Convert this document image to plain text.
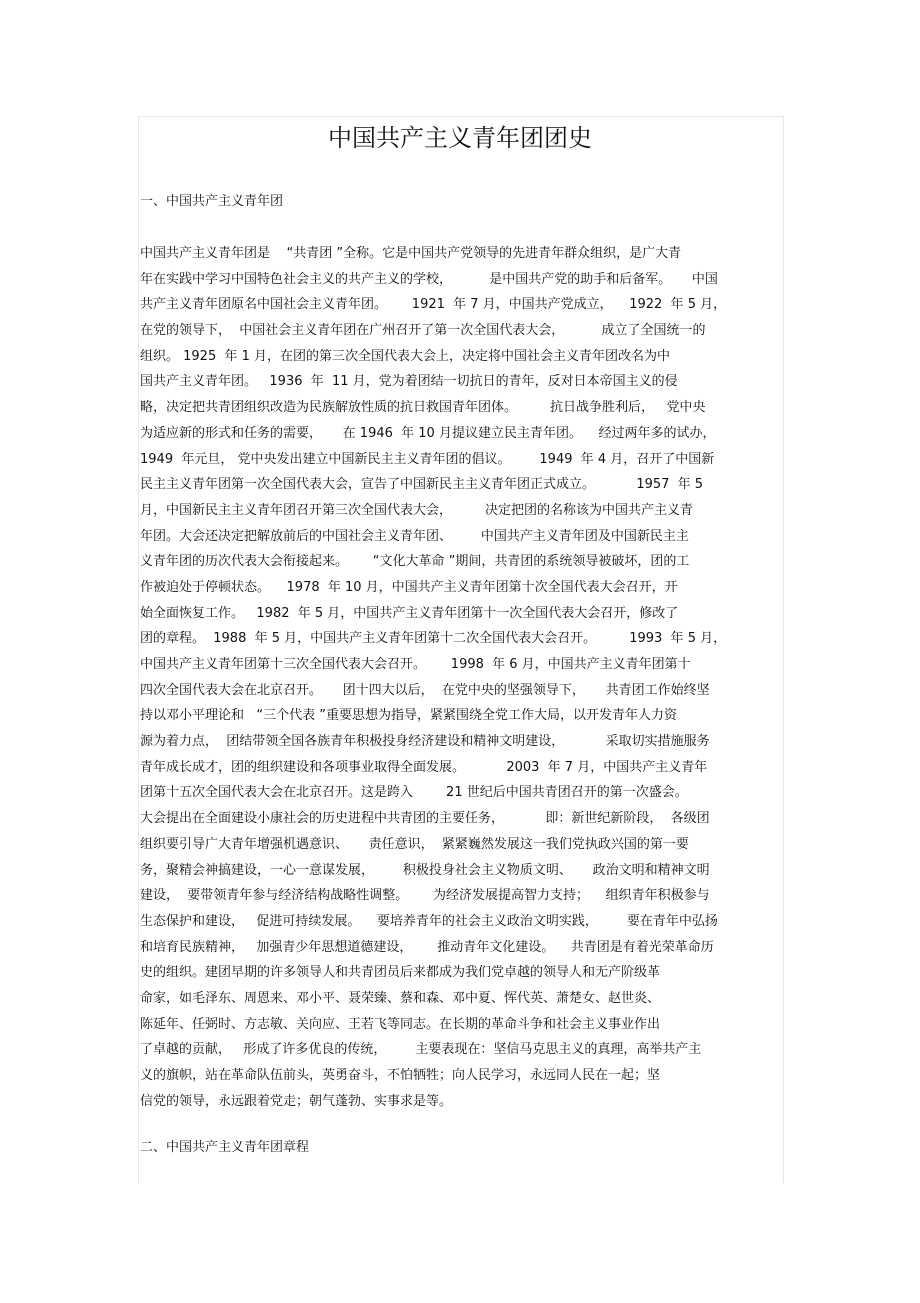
中国共产主义青年团团史
一、中国共产主义青年团
中国共产主义青年团是    “共青团 ”全称。它是中国共产党领导的先进青年群众组织，是广大青
年在实践中学习中国特色社会主义的共产主义的学校，         是中国共产党的助手和后备军。     中国
共产主义青年团原名中国社会主义青年团。      1921  年 7 月，中国共产党成立，    1922  年 5 月，
在党的领导下，  中国社会主义青年团在广州召开了第一次全国代表大会，         成立了全国统一的
组织。 1925  年 1 月，在团的第三次全国代表大会上，决定将中国社会主义青年团改名为中
国共产主义青年团。   1936  年  11 月，党为着团结一切抗日的青年，反对日本帝国主义的侵
略，决定把共青团组织改造为民族解放性质的抗日救国青年团体。        抗日战争胜利后，   党中央
为适应新的形式和任务的需要，     在 1946  年 10 月提议建立民主青年团。    经过两年多的试办，
1949  年元旦， 党中央发出建立中国新民主主义青年团的倡议。       1949  年 4 月，召开了中国新
民主主义青年团第一次全国代表大会，宣告了中国新民主主义青年团正式成立。          1957  年 5
月，中国新民主主义青年团召开第三次全国代表大会，        决定把团的名称该为中国共产主义青
年团。大会还决定把解放前后的中国社会主义青年团、       中国共产主义青年团及中国新民主主
义青年团的历次代表大会衔接起来。      “文化大革命 ”期间，共青团的系统领导被破坏，团的工
作被迫处于停顿状态。    1978  年 10 月，中国共产主义青年团第十次全国代表大会召开，开
始全面恢复工作。   1982  年 5 月，中国共产主义青年团第十一次全国代表大会召开，修改了
团的章程。  1988  年 5 月，中国共产主义青年团第十二次全国代表大会召开。        1993  年 5 月，
中国共产主义青年团第十三次全国代表大会召开。      1998  年 6 月，中国共产主义青年团第十
四次全国代表大会在北京召开。     团十四大以后，  在党中央的坚强领导下，     共青团工作始终坚
持以邓小平理论和   “三个代表 ”重要思想为指导，紧紧围绕全党工作大局，以开发青年人力资
源为着力点，  团结带领全国各族青年积极投身经济建设和精神文明建设，          采取切实措施服务
青年成长成才，团的组织建设和各项事业取得全面发展。          2003  年 7 月，中国共产主义青年
团第十五次全国代表大会在北京召开。这是跨入        21 世纪后中国共青团召开的第一次盛会。
大会提出在全面建设小康社会的历史进程中共青团的主要任务，          即：新世纪新阶段，  各级团
组织要引导广大青年增强机遇意识、     责任意识，  紧紧巍然发展这一我们党执政兴国的第一要
务，聚精会神搞建设，一心一意谋发展，       积极投身社会主义物质文明、     政治文明和精神文明
建设，  要带领青年参与经济结构战略性调整。      为经济发展提高智力支持；    组织青年积极参与
生态保护和建设，   促进可持续发展。    要培养青年的社会主义政治文明实践，       要在青年中弘扬
和培育民族精神，   加强青少年思想道德建设，      推动青年文化建设。    共青团是有着光荣革命历
史的组织。建团早期的许多领导人和共青团员后来都成为我们党卓越的领导人和无产阶级革
命家，如毛泽东、周恩来、邓小平、聂荣臻、蔡和森、邓中夏、恽代英、萧楚女、赵世炎、
陈延年、任弼时、方志敏、关向应、王若飞等同志。在长期的革命斗争和社会主义事业作出
了卓越的贡献，   形成了许多优良的传统，       主要表现在：坚信马克思主义的真理，高举共产主
义的旗帜，站在革命队伍前头，英勇奋斗，不怕牺牲；向人民学习，永远同人民在一起；坚
信党的领导，永远跟着党走；朝气蓬勃、实事求是等。
二、中国共产主义青年团章程
